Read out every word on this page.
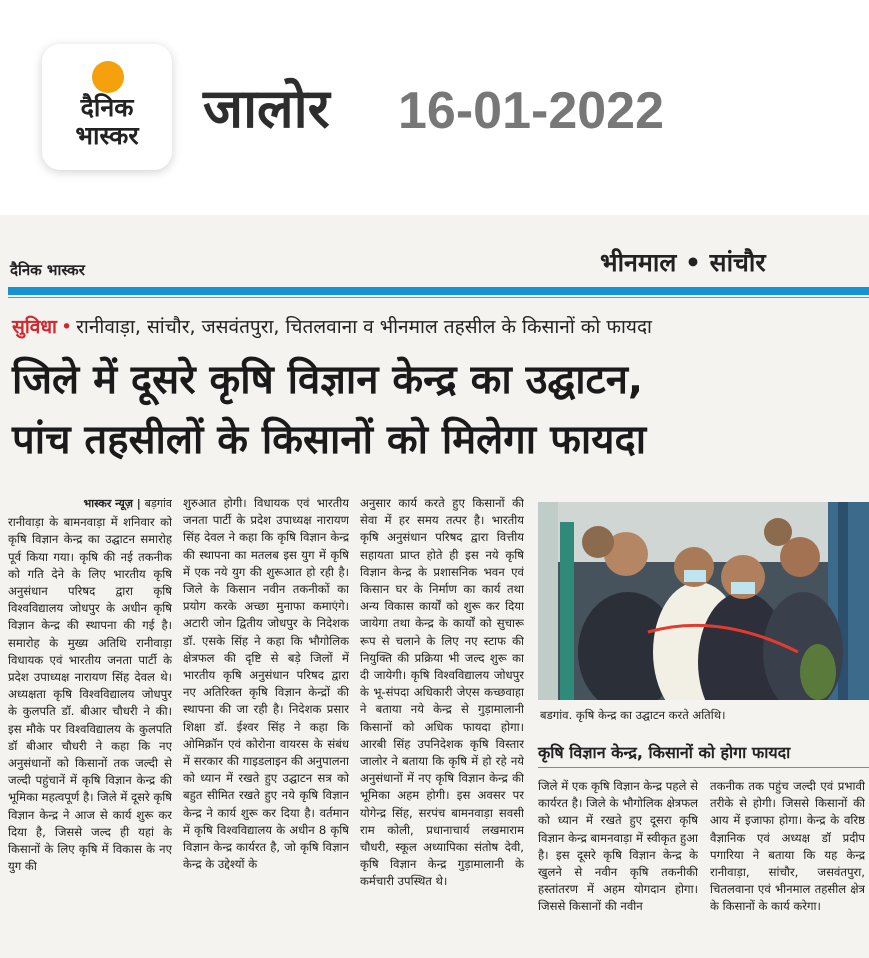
दैनिक
भास्कर	जालोर 16-01-2022
दैनिक भास्कर	भीनमाल • सांचौर
सुविधा • रानीवाड़ा, सांचौर, जसवंतपुरा, चितलवाना व भीनमाल तहसील के किसानों को फायदा
जिले में दूसरे कृषि विज्ञान केन्द्र का उद्घाटन,
पांच तहसीलों के किसानों को मिलेगा फायदा
भास्कर न्यूज़ | बड़गांव
रानीवाड़ा के बामनवाड़ा में शनिवार को कृषि विज्ञान केन्द्र का उद्घाटन समारोह पूर्व किया गया। कृषि की नई तकनीक को गति देने के लिए भारतीय कृषि अनुसंधान परिषद द्वारा कृषि विश्वविद्यालय जोधपुर के अधीन कृषि विज्ञान केन्द्र की स्थापना की गई है। समारोह के मुख्य अतिथि रानीवाड़ा विधायक एवं भारतीय जनता पार्टी के प्रदेश उपाध्यक्ष नारायण सिंह देवल थे। अध्यक्षता कृषि विश्वविद्यालय जोधपुर के कुलपति डॉ. बीआर चौधरी ने की। इस मौके पर विश्वविद्यालय के कुलपति डॉ बीआर चौधरी ने कहा कि नए अनुसंधानों को किसानों तक जल्दी से जल्दी पहुंचानें में कृषि विज्ञान केन्द्र की भूमिका महत्वपूर्ण है। जिले में दूसरे कृषि विज्ञान केन्द्र ने आज से कार्य शुरू कर दिया है, जिससे जल्द ही यहां के किसानों के लिए कृषि में विकास के नए युग की
शुरुआत होगी। विधायक एवं भारतीय जनता पार्टी के प्रदेश उपाध्यक्ष नारायण सिंह देवल ने कहा कि कृषि विज्ञान केन्द्र की स्थापना का मतलब इस युग में कृषि में एक नये युग की शुरूआत हो रही है। जिले के किसान नवीन तकनीकों का प्रयोग करके अच्छा मुनाफा कमाएंगे। अटारी जोन द्वितीय जोधपुर के निदेशक डॉ. एसके सिंह ने कहा कि भौगोलिक क्षेत्रफल की दृष्टि से बड़े जिलों में भारतीय कृषि अनुसंधान परिषद द्वारा नए अतिरिक्त कृषि विज्ञान केन्द्रों की स्थापना की जा रही है। निदेशक प्रसार शिक्षा डॉ. ईश्वर सिंह ने कहा कि ओमिक्रॉन एवं कोरोना वायरस के संबंध में सरकार की गाइडलाइन की अनुपालना को ध्यान में रखते हुए उद्घाटन सत्र को बहुत सीमित रखते हुए नये कृषि विज्ञान केन्द्र ने कार्य शुरू कर दिया है। वर्तमान में कृषि विश्वविद्यालय के अधीन 8 कृषि विज्ञान केन्द्र कार्यरत है, जो कृषि विज्ञान केन्द्र के उद्देश्यों के
अनुसार कार्य करते हुए किसानों की सेवा में हर समय तत्पर है। भारतीय कृषि अनुसंधान परिषद द्वारा वित्तीय सहायता प्राप्त होते ही इस नये कृषि विज्ञान केन्द्र के प्रशासनिक भवन एवं किसान घर के निर्माण का कार्य तथा अन्य विकास कार्यों को शुरू कर दिया जायेगा तथा केन्द्र के कार्यों को सुचारू रूप से चलाने के लिए नए स्टाफ की नियुक्ति की प्रक्रिया भी जल्द शुरू का दी जायेगी। कृषि विश्वविद्यालय जोधपुर के भू-संपदा अधिकारी जेएस कच्छवाहा ने बताया नये केन्द्र से गुड़ामालानी किसानों को अधिक फायदा होगा। आरबी सिंह उपनिदेशक कृषि विस्तार जालोर ने बताया कि कृषि में हो रहे नये अनुसंधानों में नए कृषि विज्ञान केन्द्र की भूमिका अहम होगी। इस अवसर पर योगेन्द्र सिंह, सरपंच बामनवाड़ा सवसी राम कोली, प्रधानाचार्य लखमाराम चौधरी, स्कूल अध्यापिका संतोष देवी, कृषि विज्ञान केन्द्र गुड़ामालानी के कर्मचारी उपस्थित थे।
बडगांव. कृषि केन्द्र का उद्घाटन करते अतिथि।
कृषि विज्ञान केन्द्र, किसानों को होगा फायदा
जिले में एक कृषि विज्ञान केन्द्र पहले से कार्यरत है। जिले के भौगोलिक क्षेत्रफल को ध्यान में रखते हुए दूसरा कृषि विज्ञान केन्द्र बामनवाड़ा में स्वीकृत हुआ है। इस दूसरे कृषि विज्ञान केन्द्र के खुलने से नवीन कृषि तकनीकी हस्तांतरण में अहम योगदान होगा। जिससे किसानों की नवीन
तकनीक तक पहुंच जल्दी एवं प्रभावी तरीके से होगी। जिससे किसानों की आय में इजाफा होगा। केन्द्र के वरिष्ठ वैज्ञानिक एवं अध्यक्ष डॉ प्रदीप पगारिया ने बताया कि यह केन्द्र रानीवाड़ा, सांचौर, जसवंतपुरा, चितलवाना एवं भीनमाल तहसील क्षेत्र के किसानों के कार्य करेगा।
